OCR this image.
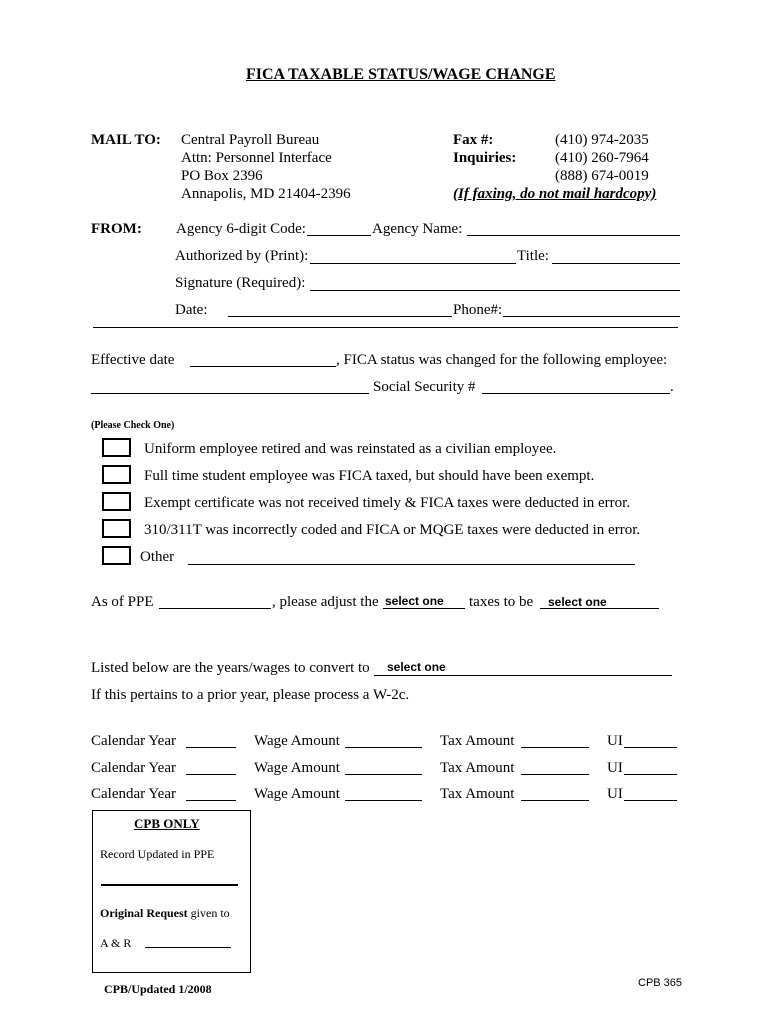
FICA TAXABLE STATUS/WAGE CHANGE
MAIL TO: Central Payroll Bureau
Attn: Personnel Interface
PO Box 2396
Annapolis, MD 21404-2396
Fax #:	(410) 974-2035
Inquiries:	(410) 260-7964
(888) 674-0019
(If faxing, do not mail hardcopy)
FROM: Agency 6-digit Code:	Agency Name:
Authorized by (Print):	Title:
Signature (Required):
Date:	Phone#:
Effective date	, FICA status was changed for the following employee:
Social Security #	.
(Please Check One)
Uniform employee retired and was reinstated as a civilian employee.
Full time student employee was FICA taxed, but should have been exempt.
Exempt certificate was not received timely & FICA taxes were deducted in error.
310/311T was incorrectly coded and FICA or MQGE taxes were deducted in error.
Other
As of PPE	, please adjust the select one taxes to be select one
Listed below are the years/wages to convert to select one
If this pertains to a prior year, please process a W-2c.
Calendar Year	Wage Amount	Tax Amount	UI
Calendar Year	Wage Amount	Tax Amount	UI
Calendar Year	Wage Amount	Tax Amount	UI
CPB ONLY
Record Updated in PPE
Original Request given to
A & R
CPB/Updated 1/2008	CPB 365
